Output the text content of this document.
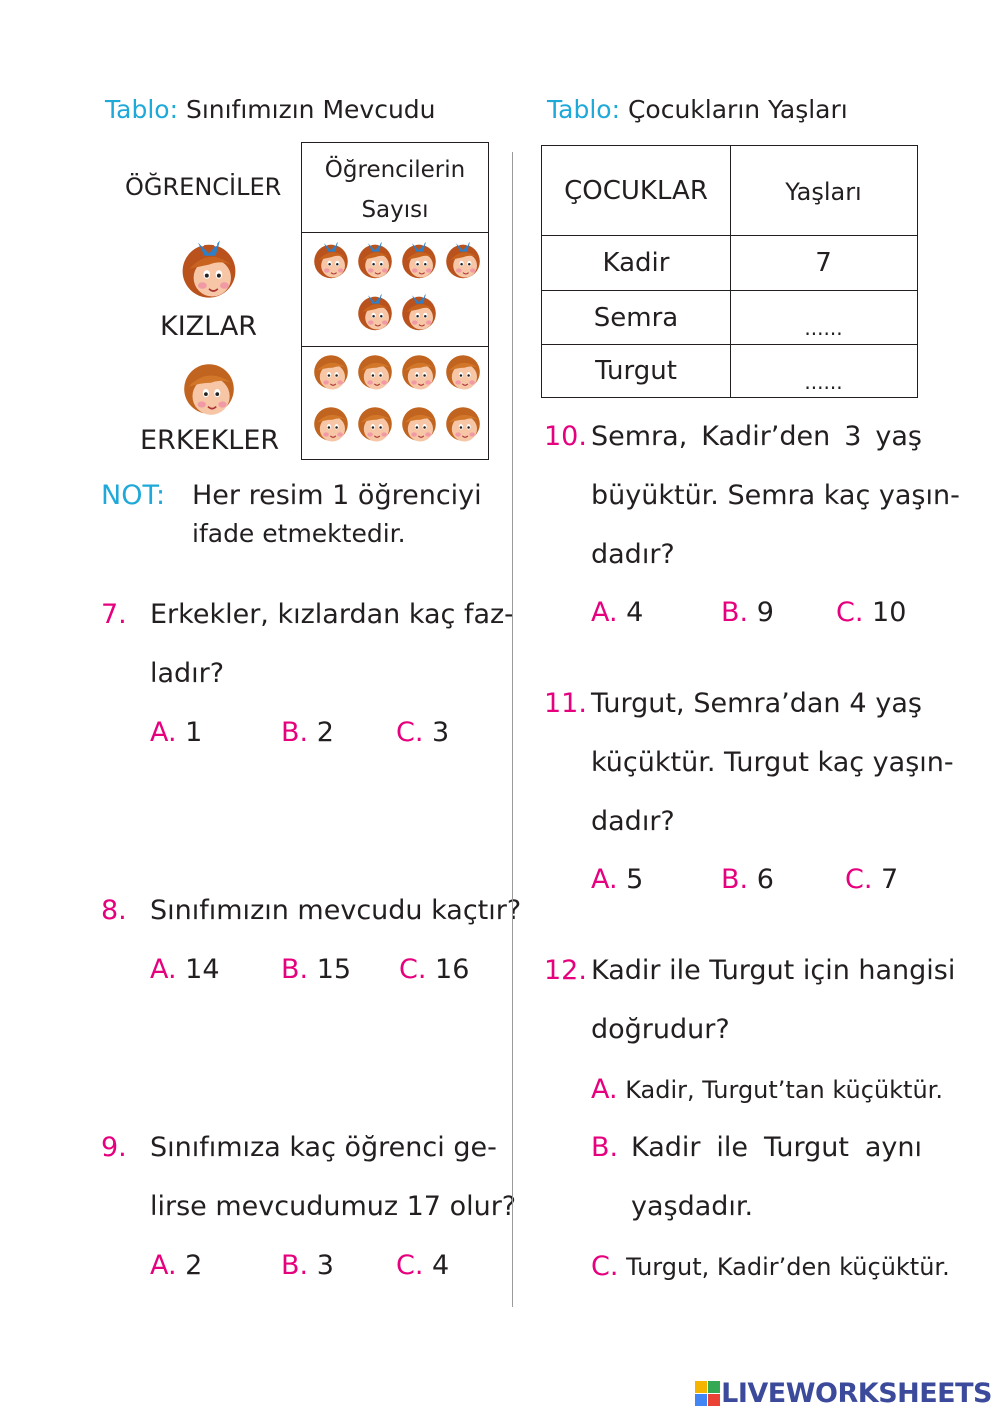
Tablo: Sınıfımızın Mevcudu
ÖĞRENCİLER
Öğrencilerin
Sayısı
KIZLAR
ERKEKLER
NOT: Her resim 1 öğrenciyi
ifade etmektedir.
7. Erkekler, kızlardan kaç faz-
ladır?
A. 1	B. 2 C. 3
8. Sınıfımızın mevcudu kaçtır?
A. 14 B. 15 C. 16
9. Sınıfımıza kaç öğrenci ge-
lirse mevcudumuz 17 olur?
A. 2	B. 3 C. 4
Tablo: Çocukların Yaşları
ÇOCUKLAR	Yaşları
Kadir	7
Semra	......
Turgut	......
10. Semra, Kadir’den 3 yaş
büyüktür. Semra kaç yaşın-
dadır?
A. 4	B. 9 C. 10
11. Turgut, Semra’dan 4 yaş
küçüktür. Turgut kaç yaşın-
dadır?
A. 5	B. 6	C. 7
12. Kadir ile Turgut için hangisi
doğrudur?
A. Kadir, Turgut’tan küçüktür.
B. Kadir ile Turgut aynı
yaşdadır.
C. Turgut, Kadir’den küçüktür.
LIVEWORKSHEETS
